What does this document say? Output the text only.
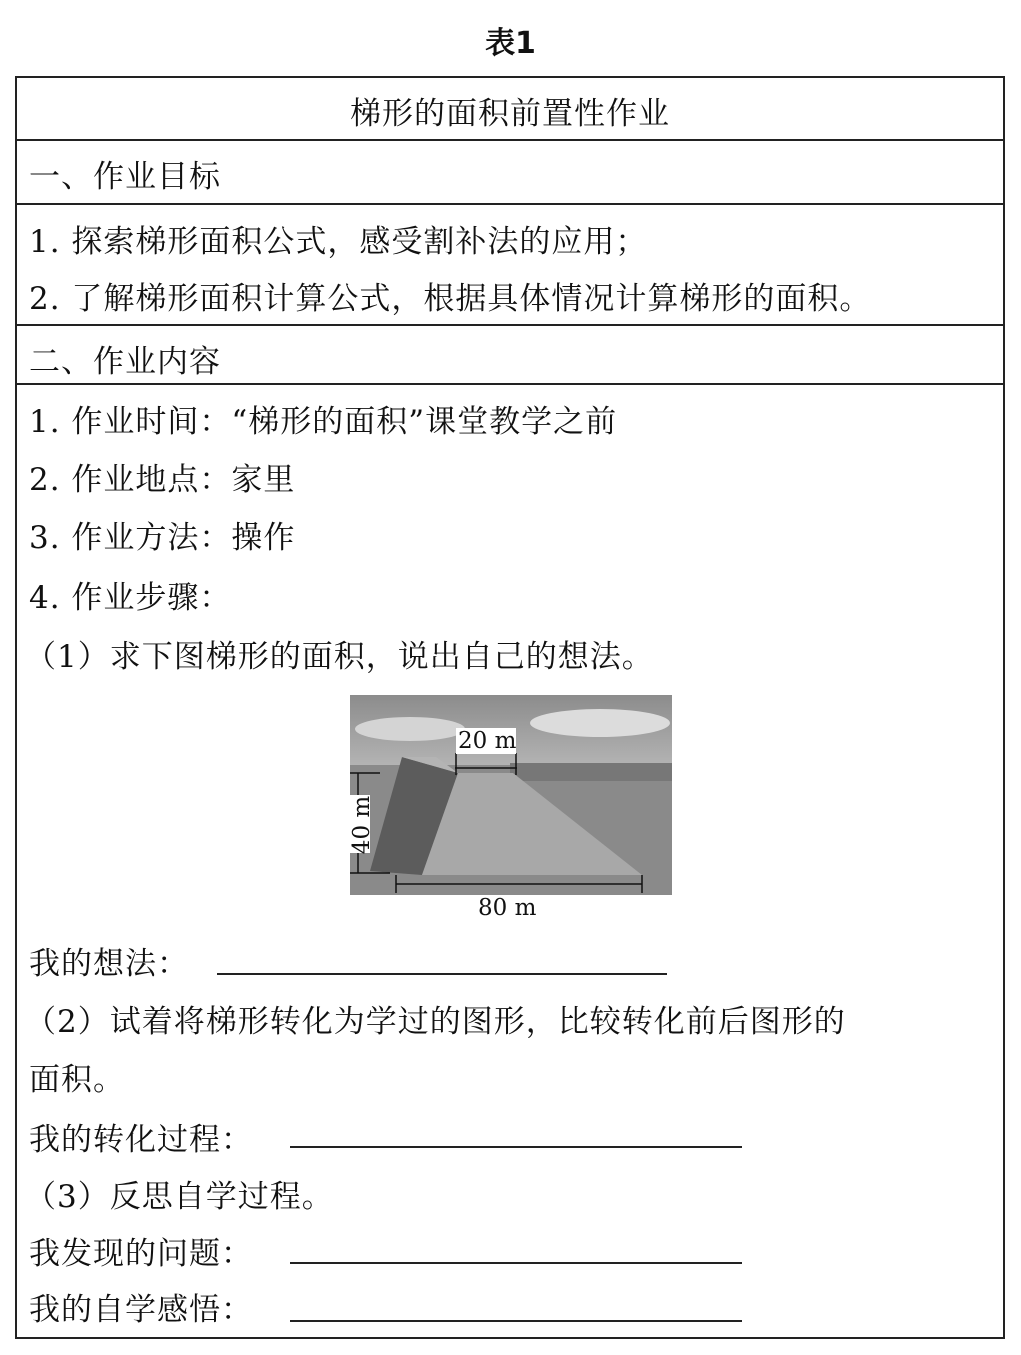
表1
梯形的面积前置性作业
一、作业目标
1. 探索梯形面积公式，感受割补法的应用；
2. 了解梯形面积计算公式，根据具体情况计算梯形的面积。
二、作业内容
1. 作业时间：“梯形的面积”课堂教学之前
2. 作业地点：家里
3. 作业方法：操作
4. 作业步骤：
（1）求下图梯形的面积，说出自己的想法。
20 m
40 m
80 m
我的想法：
（2）试着将梯形转化为学过的图形，比较转化前后图形的
面积。
我的转化过程：
（3）反思自学过程。
我发现的问题：
我的自学感悟：
